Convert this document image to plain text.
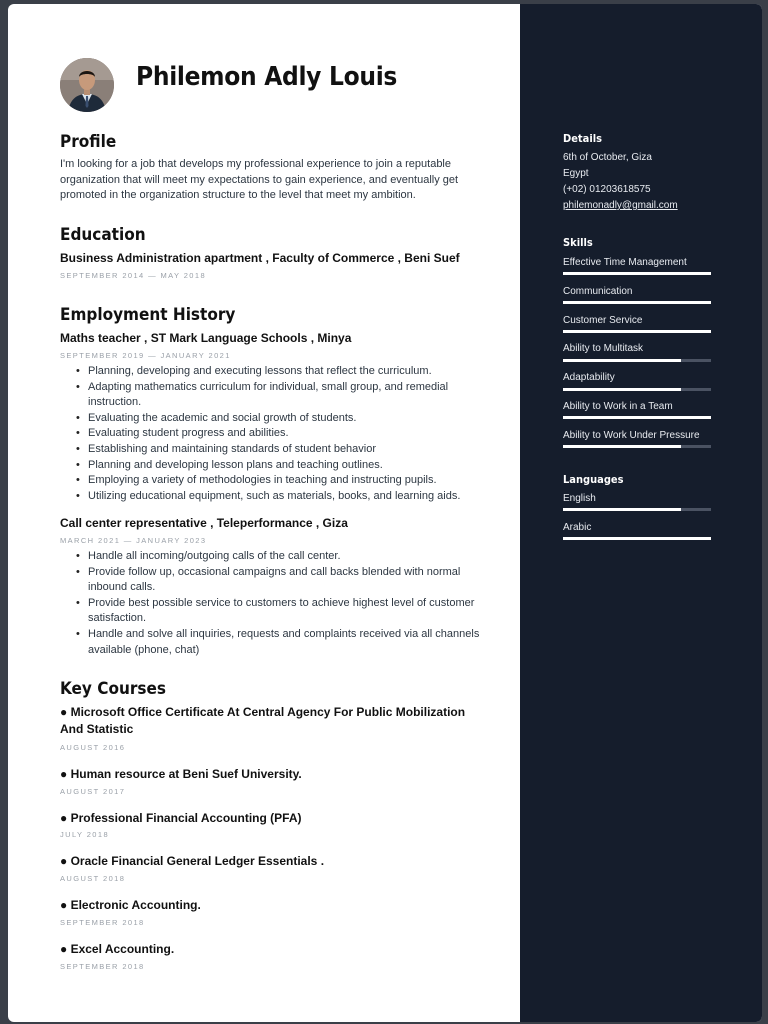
Philemon Adly Louis
Profile

I'm looking for a job that develops my professional experience to join a reputable organization that will meet my expectations to gain experience, and eventually get promoted in the organization structure to the level that meet my ambition.

Education

Business Administration apartment , Faculty of Commerce , Beni Suef

SEPTEMBER 2014 — MAY 2018

Employment History

Maths teacher , ST Mark Language Schools , Minya

SEPTEMBER 2019 — JANUARY 2021

• Planning, developing and executing lessons that reflect the curriculum.
• Adapting mathematics curriculum for individual, small group, and remedial instruction.
• Evaluating the academic and social growth of students.
• Evaluating student progress and abilities.
• Establishing and maintaining standards of student behavior
• Planning and developing lesson plans and teaching outlines.
• Employing a variety of methodologies in teaching and instructing pupils.
• Utilizing educational equipment, such as materials, books, and learning aids.

Call center representative , Teleperformance , Giza

MARCH 2021 — JANUARY 2023

• Handle all incoming/outgoing calls of the call center.
• Provide follow up, occasional campaigns and call backs blended with normal inbound calls.
• Provide best possible service to customers to achieve highest level of customer satisfaction.
• Handle and solve all inquiries, requests and complaints received via all channels available (phone, chat)
Key Courses

● Microsoft Office Certificate At Central Agency For Public Mobilization And Statistic

AUGUST 2016

● Human resource at Beni Suef University.

AUGUST 2017

● Professional Financial Accounting (PFA)

JULY 2018

● Oracle Financial General Ledger Essentials .

AUGUST 2018

● Electronic Accounting.

SEPTEMBER 2018

● Excel Accounting.

SEPTEMBER 2018

Details

6th of October, Giza

Egypt

(+02) 01203618575

philemonadly@gmail.com

Skills

Effective Time Management

Communication

Customer Service

Ability to Multitask

Adaptability

Ability to Work in a Team

Ability to Work Under Pressure

Languages

English

Arabic
